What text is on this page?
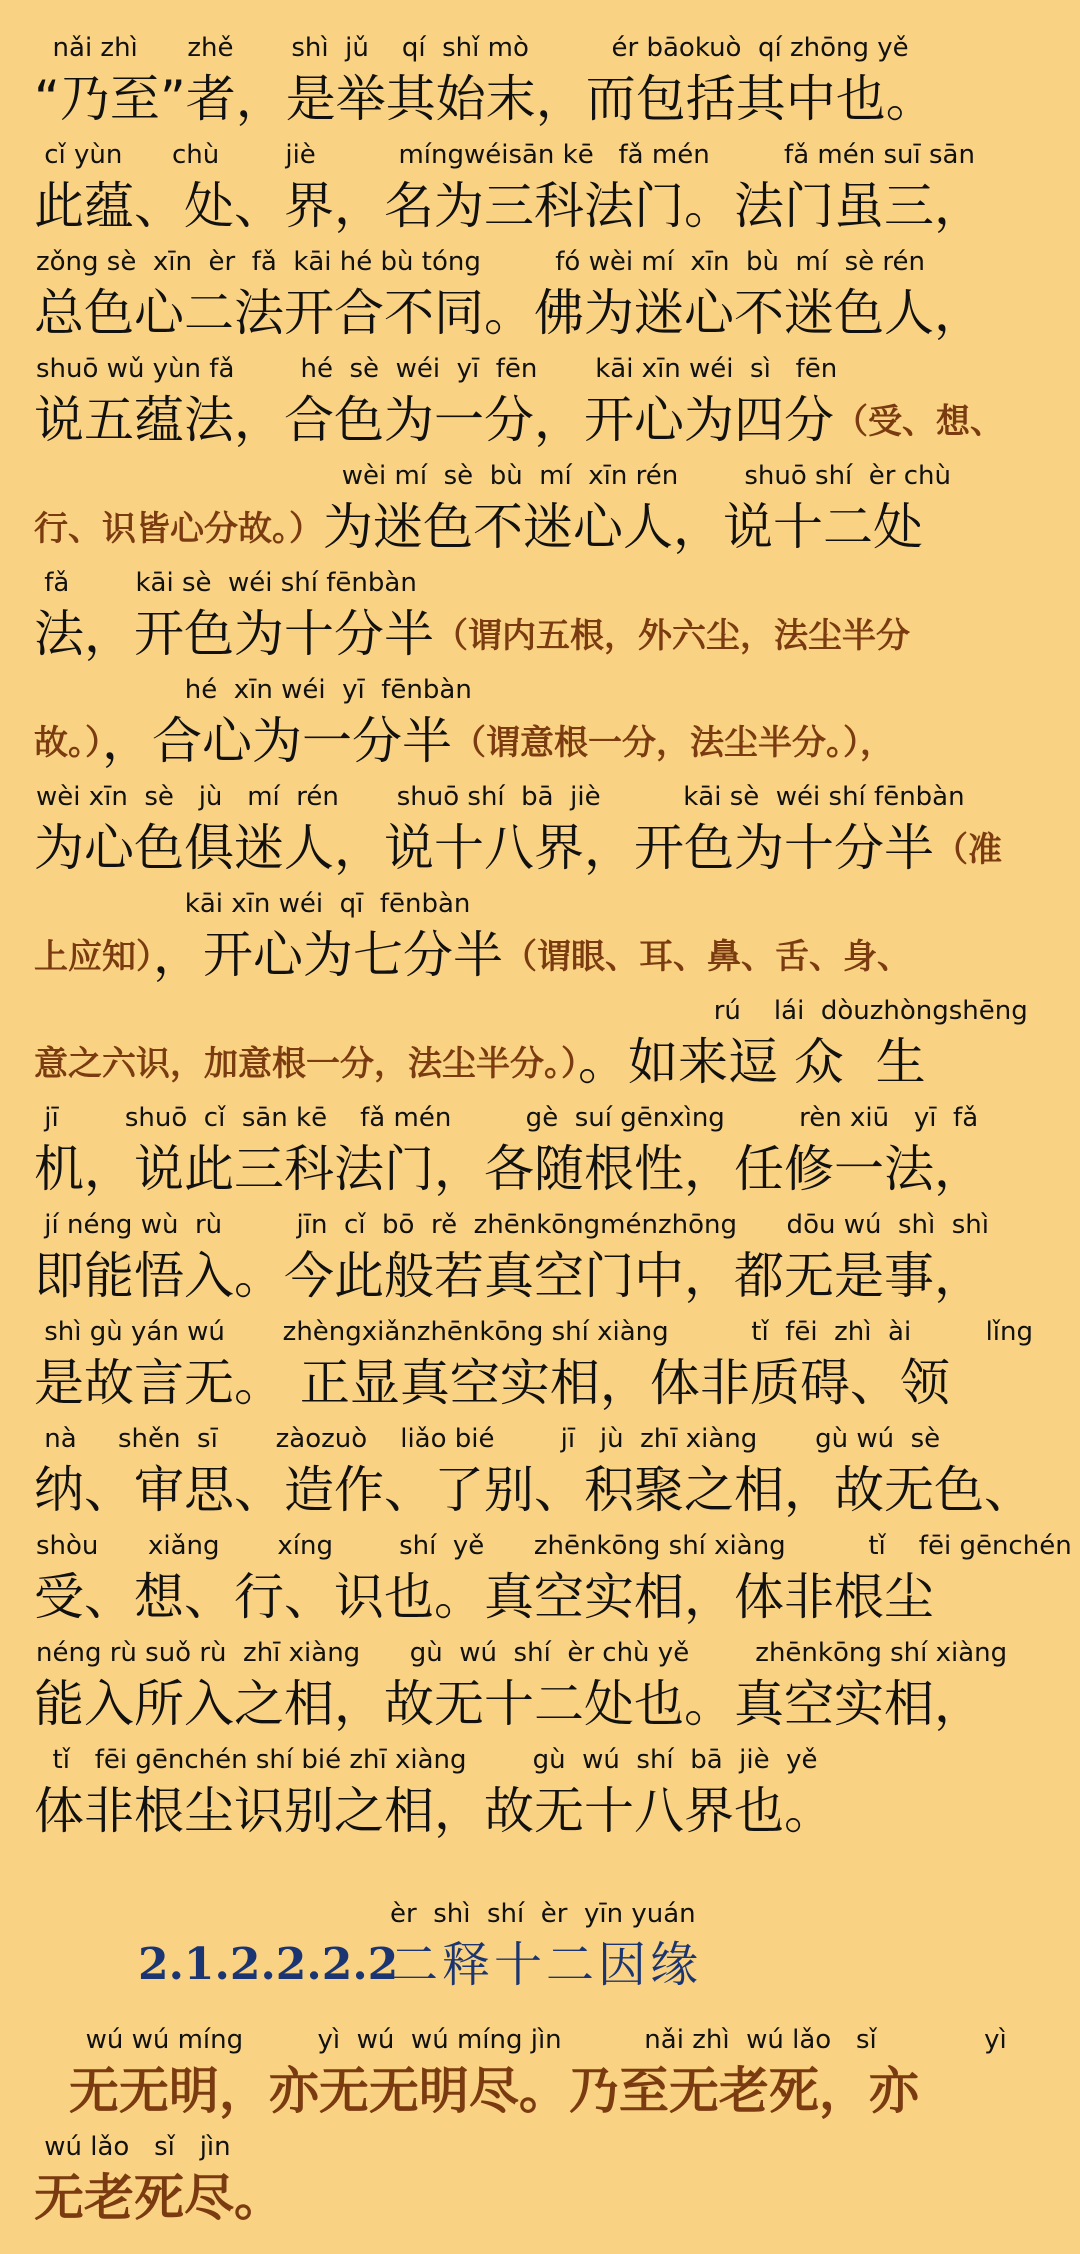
nǎi zhì      zhě       shì  jǔ    qí  shǐ mò          ér bāokuò  qí zhōng yě
“乃至”者，是举其始末，而包括其中也。
cǐ yùn      chù        jiè          míngwéisān kē   fǎ mén         fǎ mén suī sān
此蕴、处、界，名为三科法门。法门虽三，
zǒng sè  xīn  èr  fǎ  kāi hé bù tóng         fó wèi mí  xīn  bù  mí  sè rén
总色心二法开合不同。佛为迷心不迷色人，
shuō wǔ yùn fǎ        hé  sè  wéi  yī  fēn       kāi xīn wéi  sì   fēn
说五蕴法，合色为一分，开心为四分（受、想、
wèi mí  sè  bù  mí  xīn rén        shuō shí  èr chù
行、识皆心分故。）为迷色不迷心人，说十二处
fǎ        kāi sè  wéi shí fēnbàn
法，开色为十分半（谓内五根，外六尘，法尘半分
hé  xīn wéi  yī  fēnbàn
故。），合心为一分半（谓意根一分，法尘半分。），
wèi xīn  sè   jù   mí  rén       shuō shí  bā  jiè          kāi sè  wéi shí fēnbàn
为心色俱迷人，说十八界，开色为十分半（准
kāi xīn wéi  qī  fēnbàn
上应知），开心为七分半（谓眼、耳、鼻、舌、身、
rú    lái  dòuzhòngshēng
意之六识，加意根一分，法尘半分。）。如来逗 众  生
jī        shuō  cǐ  sān kē    fǎ mén         gè  suí gēnxìng         rèn xiū   yī  fǎ
机，说此三科法门，各随根性，任修一法，
jí néng wù  rù         jīn  cǐ  bō  rě  zhēnkōngménzhōng      dōu wú  shì  shì
即能悟入。今此般若真空门中，都无是事，
shì gù yán wú       zhèngxiǎnzhēnkōng shí xiàng          tǐ  fēi  zhì  ài         lǐng
是故言无。 正显真空实相，体非质碍、领
nà     shěn  sī       zàozuò    liǎo bié        jī   jù  zhī xiàng       gù wú  sè
纳、审思、造作、了别、积聚之相，故无色、
shòu      xiǎng       xíng        shí  yě      zhēnkōng shí xiàng          tǐ    fēi gēnchén
受、想、行、识也。真空实相，体非根尘
néng rù suǒ rù  zhī xiàng      gù  wú  shí  èr chù yě        zhēnkōng shí xiàng
能入所入之相，故无十二处也。真空实相，
tǐ   fēi gēnchén shí bié zhī xiàng        gù  wú  shí  bā  jiè  yě
体非根尘识别之相，故无十八界也。
èr  shì  shí  èr  yīn yuán
2.1.2.2.2.2
二释十二因缘
wú wú míng         yì  wú  wú míng jìn          nǎi zhì  wú lǎo   sǐ             yì
无无明，亦无无明尽。乃至无老死，亦
wú lǎo   sǐ   jìn
无老死尽。
